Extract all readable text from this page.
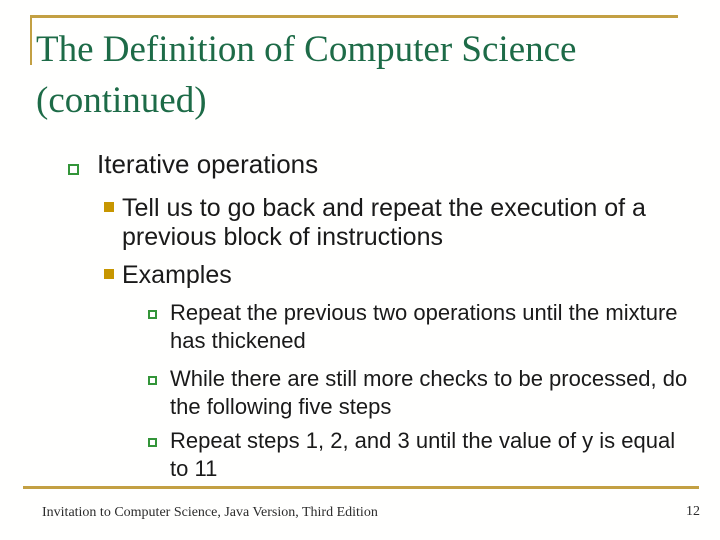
The Definition of Computer Science
(continued)
Iterative operations
Tell us to go back and repeat the execution of a
previous block of instructions
Examples
Repeat the previous two operations until the mixture
has thickened
While there are still more checks to be processed, do
the following five steps
Repeat steps 1, 2, and 3 until the value of y is equal
to 11
Invitation to Computer Science, Java Version, Third Edition	12
